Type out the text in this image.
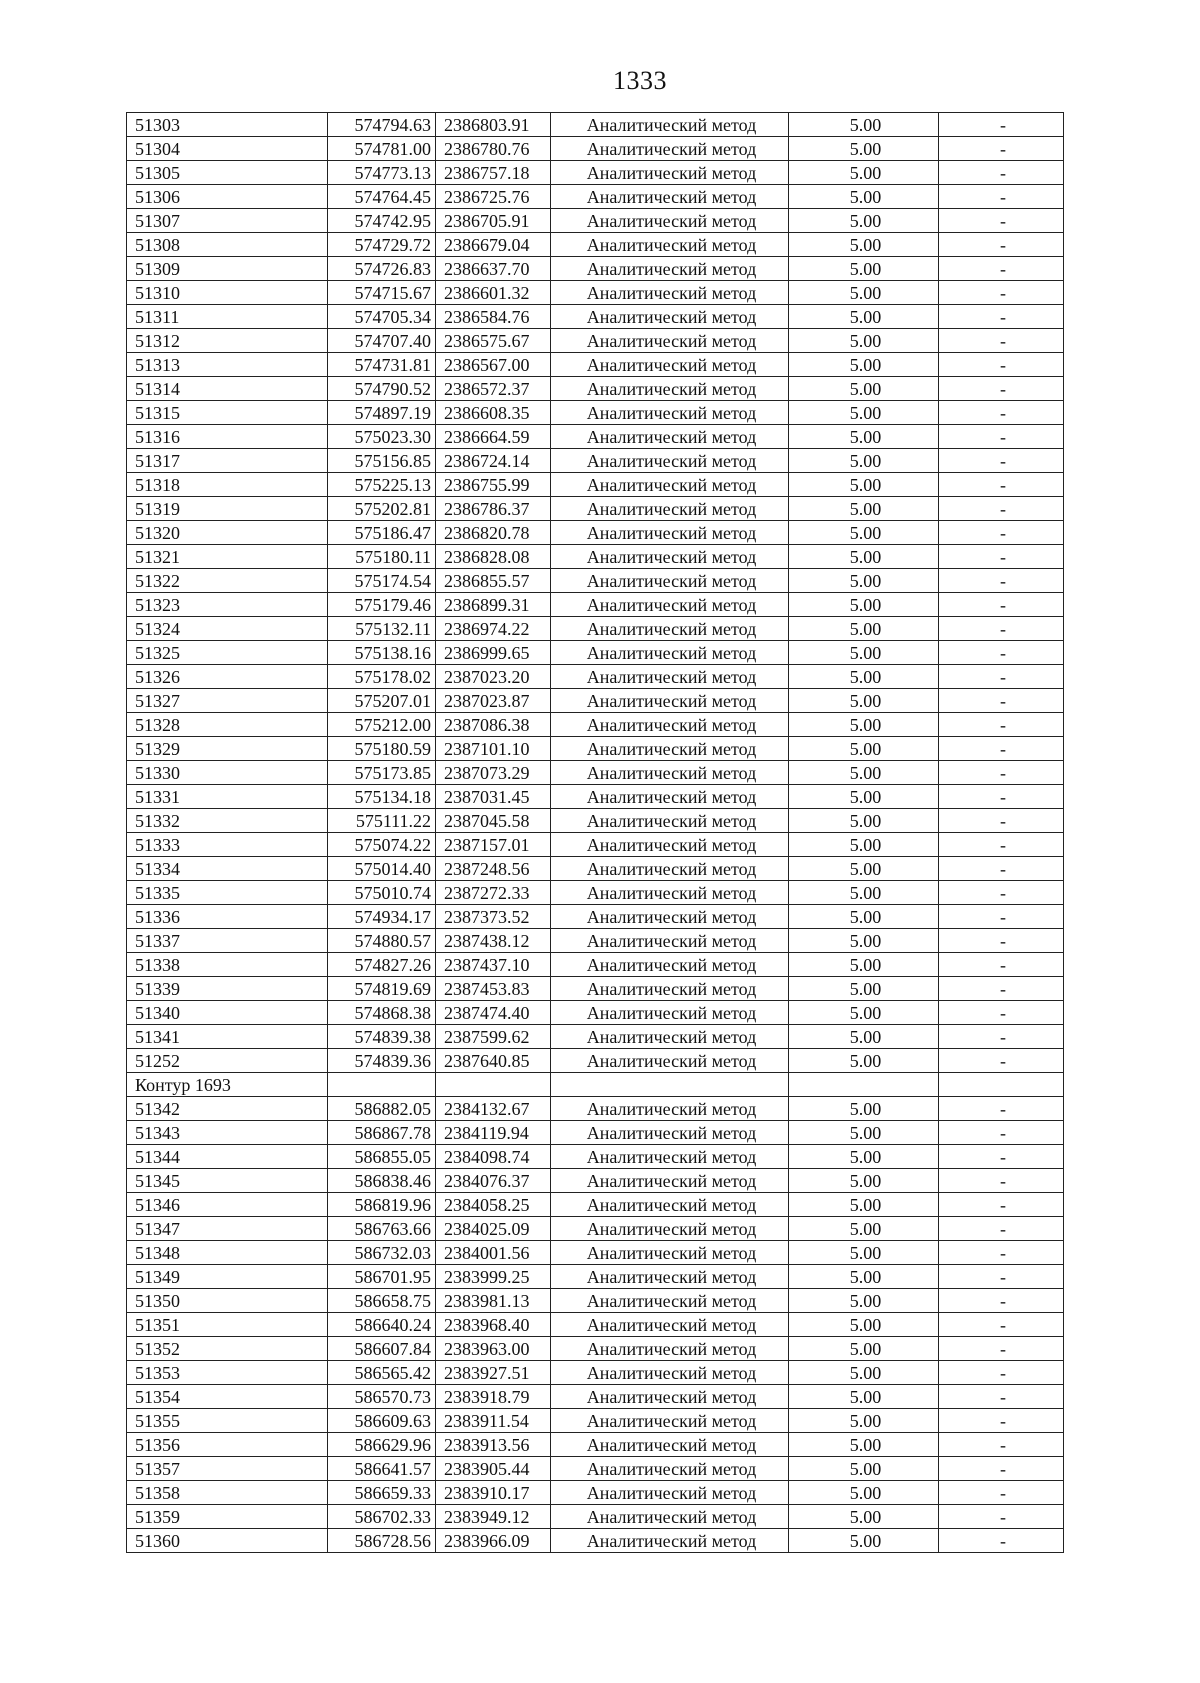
1333
51303	574794.63	2386803.91	Аналитический метод	5.00	-
51304	574781.00	2386780.76	Аналитический метод	5.00	-
51305	574773.13	2386757.18	Аналитический метод	5.00	-
51306	574764.45	2386725.76	Аналитический метод	5.00	-
51307	574742.95	2386705.91	Аналитический метод	5.00	-
51308	574729.72	2386679.04	Аналитический метод	5.00	-
51309	574726.83	2386637.70	Аналитический метод	5.00	-
51310	574715.67	2386601.32	Аналитический метод	5.00	-
51311	574705.34	2386584.76	Аналитический метод	5.00	-
51312	574707.40	2386575.67	Аналитический метод	5.00	-
51313	574731.81	2386567.00	Аналитический метод	5.00	-
51314	574790.52	2386572.37	Аналитический метод	5.00	-
51315	574897.19	2386608.35	Аналитический метод	5.00	-
51316	575023.30	2386664.59	Аналитический метод	5.00	-
51317	575156.85	2386724.14	Аналитический метод	5.00	-
51318	575225.13	2386755.99	Аналитический метод	5.00	-
51319	575202.81	2386786.37	Аналитический метод	5.00	-
51320	575186.47	2386820.78	Аналитический метод	5.00	-
51321	575180.11	2386828.08	Аналитический метод	5.00	-
51322	575174.54	2386855.57	Аналитический метод	5.00	-
51323	575179.46	2386899.31	Аналитический метод	5.00	-
51324	575132.11	2386974.22	Аналитический метод	5.00	-
51325	575138.16	2386999.65	Аналитический метод	5.00	-
51326	575178.02	2387023.20	Аналитический метод	5.00	-
51327	575207.01	2387023.87	Аналитический метод	5.00	-
51328	575212.00	2387086.38	Аналитический метод	5.00	-
51329	575180.59	2387101.10	Аналитический метод	5.00	-
51330	575173.85	2387073.29	Аналитический метод	5.00	-
51331	575134.18	2387031.45	Аналитический метод	5.00	-
51332	575111.22	2387045.58	Аналитический метод	5.00	-
51333	575074.22	2387157.01	Аналитический метод	5.00	-
51334	575014.40	2387248.56	Аналитический метод	5.00	-
51335	575010.74	2387272.33	Аналитический метод	5.00	-
51336	574934.17	2387373.52	Аналитический метод	5.00	-
51337	574880.57	2387438.12	Аналитический метод	5.00	-
51338	574827.26	2387437.10	Аналитический метод	5.00	-
51339	574819.69	2387453.83	Аналитический метод	5.00	-
51340	574868.38	2387474.40	Аналитический метод	5.00	-
51341	574839.38	2387599.62	Аналитический метод	5.00	-
51252	574839.36	2387640.85	Аналитический метод	5.00	-
Контур 1693					
51342	586882.05	2384132.67	Аналитический метод	5.00	-
51343	586867.78	2384119.94	Аналитический метод	5.00	-
51344	586855.05	2384098.74	Аналитический метод	5.00	-
51345	586838.46	2384076.37	Аналитический метод	5.00	-
51346	586819.96	2384058.25	Аналитический метод	5.00	-
51347	586763.66	2384025.09	Аналитический метод	5.00	-
51348	586732.03	2384001.56	Аналитический метод	5.00	-
51349	586701.95	2383999.25	Аналитический метод	5.00	-
51350	586658.75	2383981.13	Аналитический метод	5.00	-
51351	586640.24	2383968.40	Аналитический метод	5.00	-
51352	586607.84	2383963.00	Аналитический метод	5.00	-
51353	586565.42	2383927.51	Аналитический метод	5.00	-
51354	586570.73	2383918.79	Аналитический метод	5.00	-
51355	586609.63	2383911.54	Аналитический метод	5.00	-
51356	586629.96	2383913.56	Аналитический метод	5.00	-
51357	586641.57	2383905.44	Аналитический метод	5.00	-
51358	586659.33	2383910.17	Аналитический метод	5.00	-
51359	586702.33	2383949.12	Аналитический метод	5.00	-
51360	586728.56	2383966.09	Аналитический метод	5.00	-
